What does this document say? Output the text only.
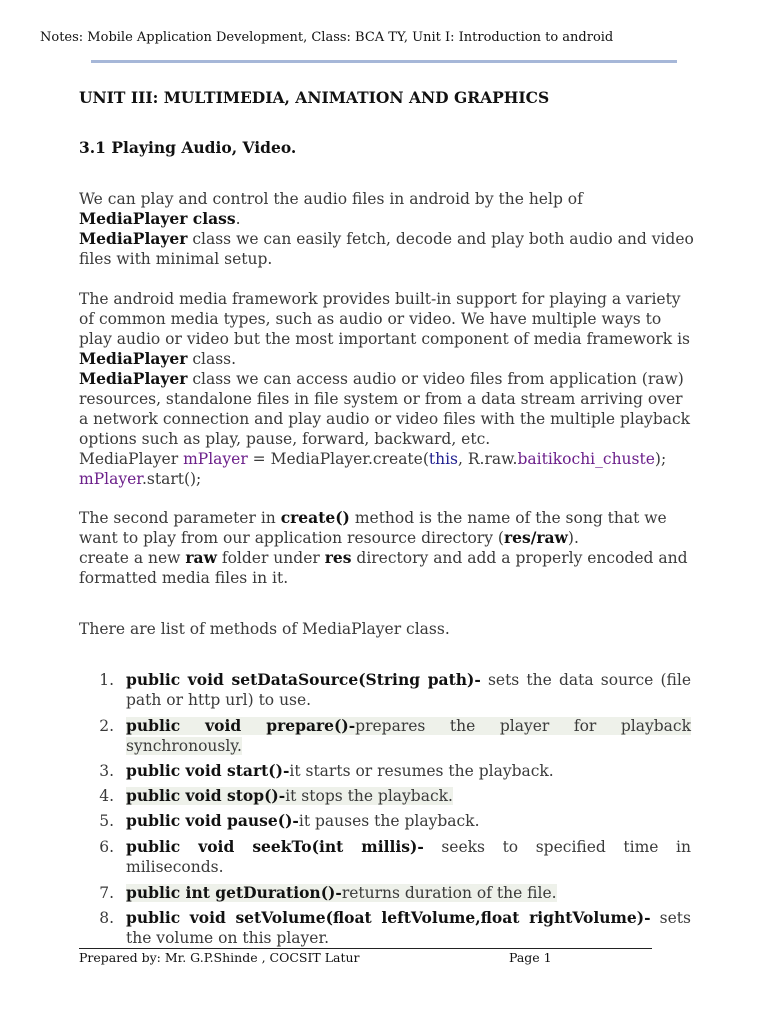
Notes: Mobile Application Development, Class: BCA TY, Unit I: Introduction to android
UNIT III: MULTIMEDIA, ANIMATION AND GRAPHICS
3.1 Playing Audio, Video.
We can play and control the audio files in android by the help of MediaPlayer class.
MediaPlayer class we can easily fetch, decode and play both audio and video files with minimal setup.
The android media framework provides built-in support for playing a variety of common media types, such as audio or video. We have multiple ways to play audio or video but the most important component of media framework is MediaPlayer class.
MediaPlayer class we can access audio or video files from application (raw) resources, standalone files in file system or from a data stream arriving over a network connection and play audio or video files with the multiple playback options such as play, pause, forward, backward, etc.
MediaPlayer mPlayer = MediaPlayer.create(this, R.raw.baitikochi_chuste);
mPlayer.start();
The second parameter in create() method is the name of the song that we want to play from our application resource directory (res/raw).
create a new raw folder under res directory and add a properly encoded and formatted media files in it.
There are list of methods of MediaPlayer class.
1. public void setDataSource(String path)- sets the data source (file path or http url) to use.
2. public void prepare()-prepares the player for playback synchronously.
3. public void start()-it starts or resumes the playback.
4. public void stop()-it stops the playback.
5. public void pause()-it pauses the playback.
6. public void seekTo(int millis)- seeks to specified time in miliseconds.
7. public int getDuration()-returns duration of the file.
8. public void setVolume(float leftVolume,float rightVolume)- sets the volume on this player.
Prepared by: Mr. G.P.Shinde , COCSIT Latur	Page 1
